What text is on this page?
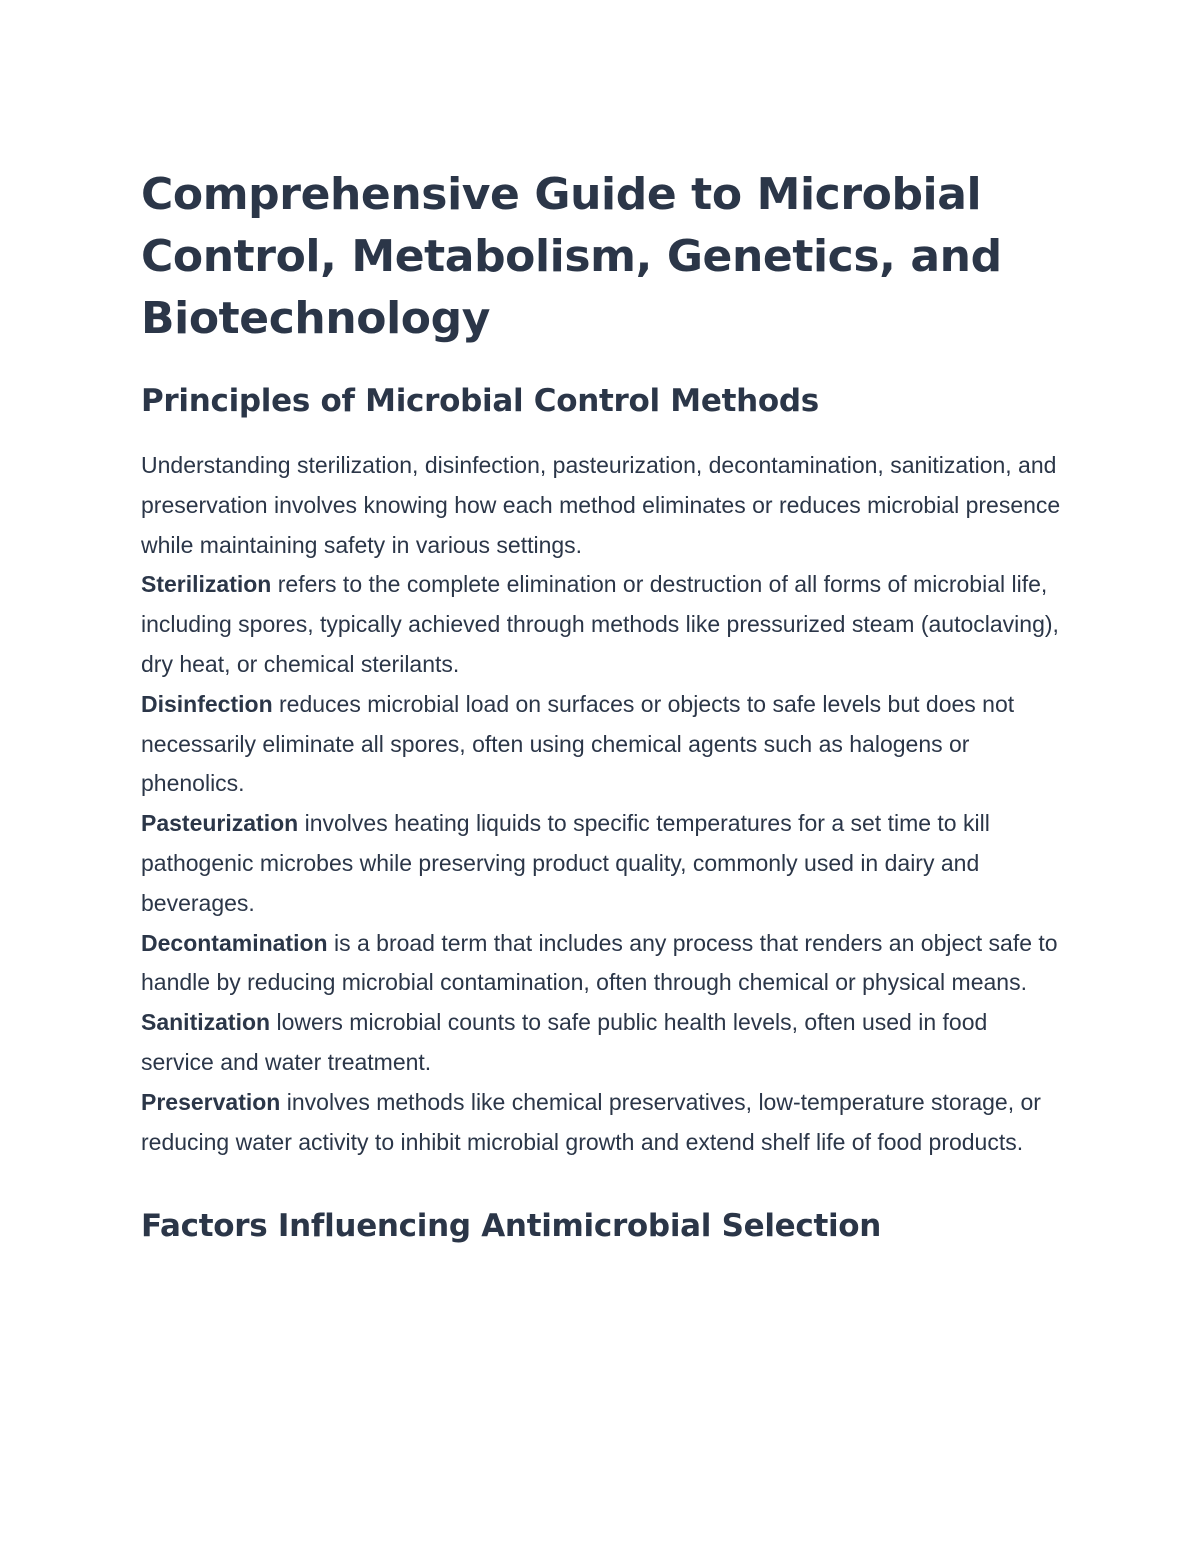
Comprehensive Guide to Microbial Control, Metabolism, Genetics, and Biotechnology
Principles of Microbial Control Methods

Understanding sterilization, disinfection, pasteurization, decontamination, sanitization, and preservation involves knowing how each method eliminates or reduces microbial presence while maintaining safety in various settings.

Sterilization refers to the complete elimination or destruction of all forms of microbial life, including spores, typically achieved through methods like pressurized steam (autoclaving), dry heat, or chemical sterilants.

Disinfection reduces microbial load on surfaces or objects to safe levels but does not necessarily eliminate all spores, often using chemical agents such as halogens or phenolics.

Pasteurization involves heating liquids to specific temperatures for a set time to kill pathogenic microbes while preserving product quality, commonly used in dairy and beverages.

Decontamination is a broad term that includes any process that renders an object safe to handle by reducing microbial contamination, often through chemical or physical means.

Sanitization lowers microbial counts to safe public health levels, often used in food service and water treatment.

Preservation involves methods like chemical preservatives, low-temperature storage, or reducing water activity to inhibit microbial growth and extend shelf life of food products.

Factors Influencing Antimicrobial Selection
